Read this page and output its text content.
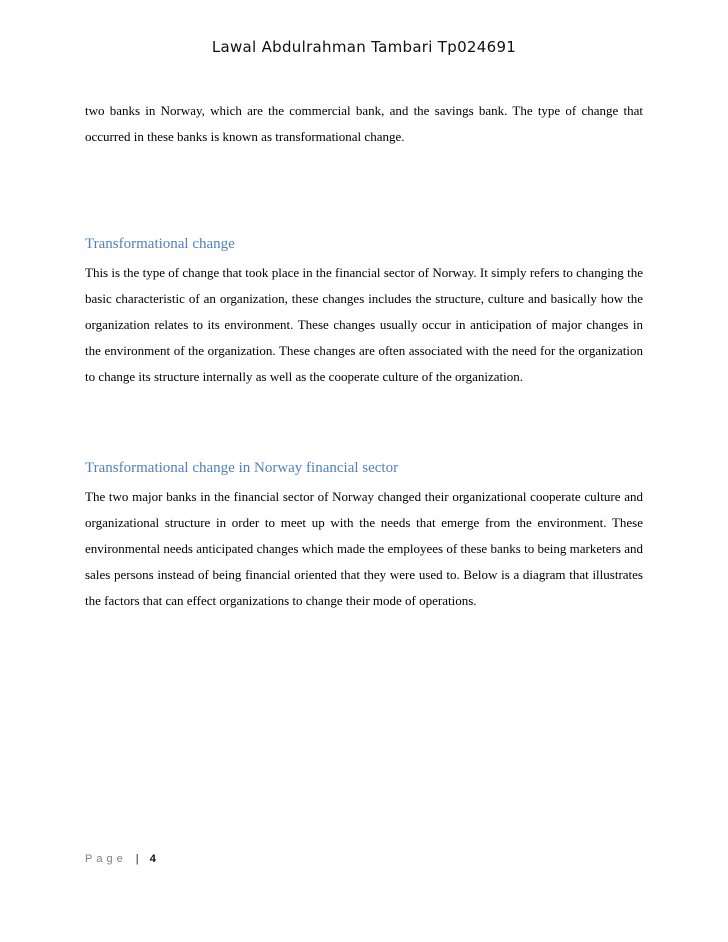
Lawal Abdulrahman Tambari Tp024691

two banks in Norway, which are the commercial bank, and the savings bank. The type of change that occurred in these banks is known as transformational change.

Transformational change

This is the type of change that took place in the financial sector of Norway. It simply refers to changing the basic characteristic of an organization, these changes includes the structure, culture and basically how the organization relates to its environment. These changes usually occur in anticipation of major changes in the environment of the organization. These changes are often associated with the need for the organization to change its structure internally as well as the cooperate culture of the organization.

Transformational change in Norway financial sector

The two major banks in the financial sector of Norway changed their organizational cooperate culture and organizational structure in order to meet up with the needs that emerge from the environment. These environmental needs anticipated changes which made the employees of these banks to being marketers and sales persons instead of being financial oriented that they were used to. Below is a diagram that illustrates the factors that can effect organizations to change their mode of operations.

Page | 4
